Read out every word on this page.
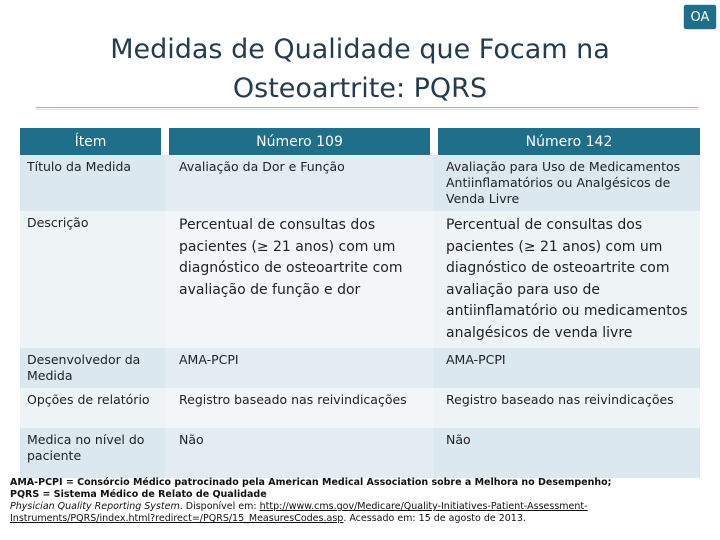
OA
Medidas de Qualidade que Focam na
Osteoartrite: PQRS
Ítem	Número 109	Número 142
Título da Medida	Avaliação da Dor e Função	Avaliação para Uso de Medicamentos Antiinflamatórios ou Analgésicos de Venda Livre
Descrição	Percentual de consultas dos pacientes (≥ 21 anos) com um diagnóstico de osteoartrite com avaliação de função e dor	Percentual de consultas dos pacientes (≥ 21 anos) com um diagnóstico de osteoartrite com avaliação para uso de antiinflamatório ou medicamentos analgésicos de venda livre
Desenvolvedor da Medida	AMA-PCPI	AMA-PCPI
Opções de relatório	Registro baseado nas reivindicações	Registro baseado nas reivindicações
Medica no nível do paciente	Não	Não
AMA-PCPI = Consórcio Médico patrocinado pela American Medical Association sobre a Melhora no Desempenho;
PQRS = Sistema Médico de Relato de Qualidade
Physician Quality Reporting System. Disponível em: http://www.cms.gov/Medicare/Quality-Initiatives-Patient-Assessment-Instruments/PQRS/index.html?redirect=/PQRS/15_MeasuresCodes.asp. Acessado em: 15 de agosto de 2013.
